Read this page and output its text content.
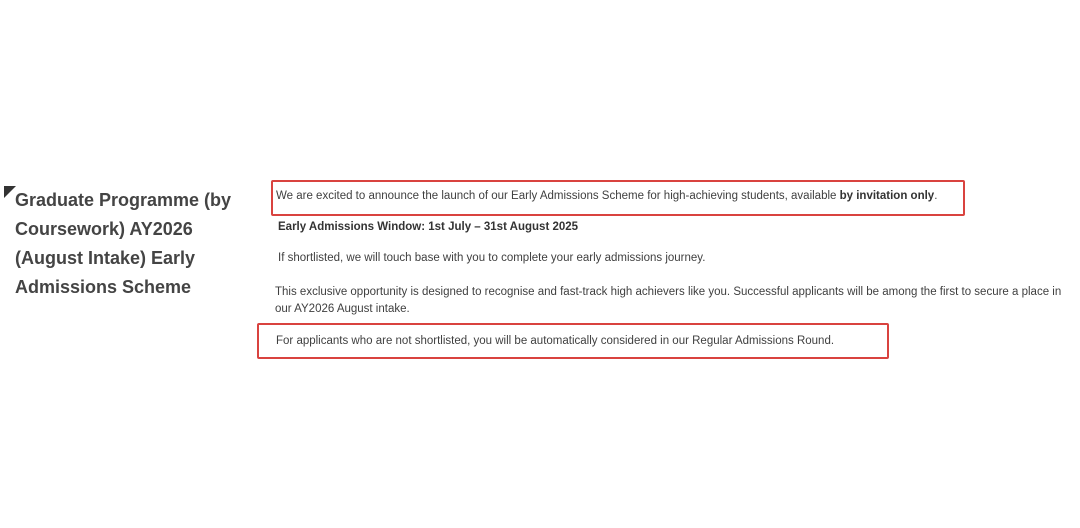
Graduate Programme (by Coursework) AY2026 (August Intake) Early Admissions Scheme
We are excited to announce the launch of our Early Admissions Scheme for high-achieving students, available by invitation only.
Early Admissions Window: 1st July – 31st August 2025
If shortlisted, we will touch base with you to complete your early admissions journey.
This exclusive opportunity is designed to recognise and fast-track high achievers like you. Successful applicants will be among the first to secure a place in our AY2026 August intake.
For applicants who are not shortlisted, you will be automatically considered in our Regular Admissions Round.
